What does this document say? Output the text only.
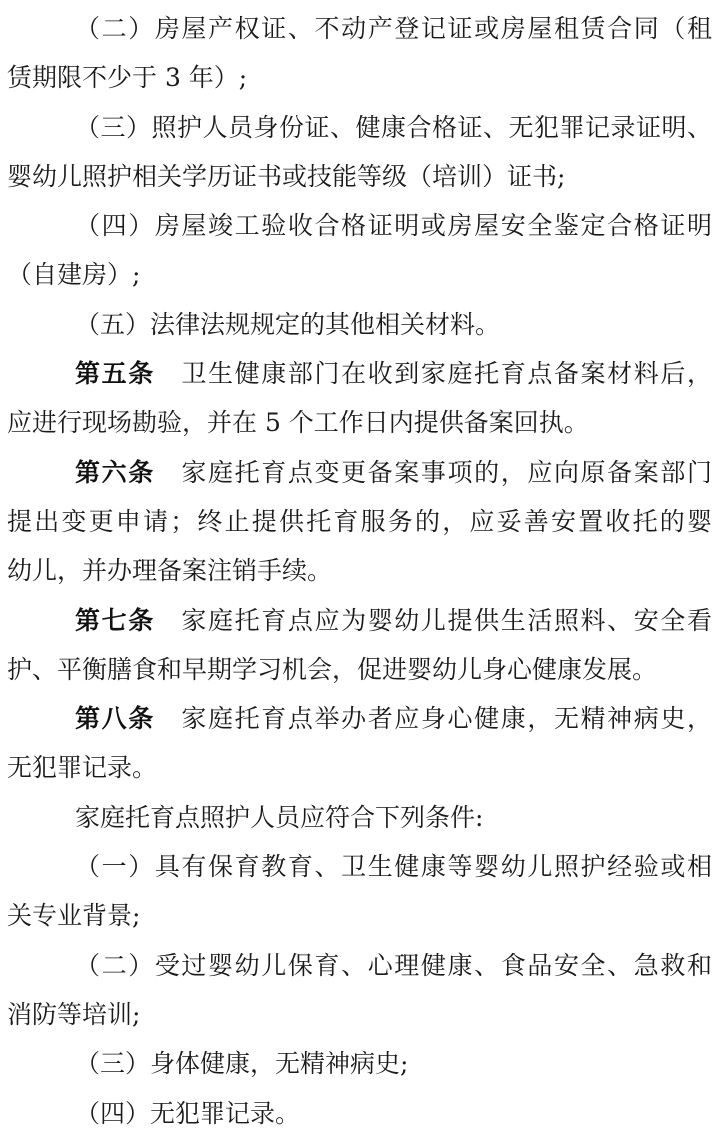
（二）房屋产权证、不动产登记证或房屋租赁合同（租
赁期限不少于 3 年）;
（三）照护人员身份证、健康合格证、无犯罪记录证明、
婴幼儿照护相关学历证书或技能等级（培训）证书;
（四）房屋竣工验收合格证明或房屋安全鉴定合格证明
（自建房）;
（五）法律法规规定的其他相关材料。
第五条　卫生健康部门在收到家庭托育点备案材料后，
应进行现场勘验，并在 5 个工作日内提供备案回执。
第六条　家庭托育点变更备案事项的，应向原备案部门
提出变更申请；终止提供托育服务的，应妥善安置收托的婴
幼儿，并办理备案注销手续。
第七条　家庭托育点应为婴幼儿提供生活照料、安全看
护、平衡膳食和早期学习机会，促进婴幼儿身心健康发展。
第八条　家庭托育点举办者应身心健康，无精神病史，
无犯罪记录。
家庭托育点照护人员应符合下列条件:
（一）具有保育教育、卫生健康等婴幼儿照护经验或相
关专业背景;
（二）受过婴幼儿保育、心理健康、食品安全、急救和
消防等培训;
（三）身体健康，无精神病史;
（四）无犯罪记录。
